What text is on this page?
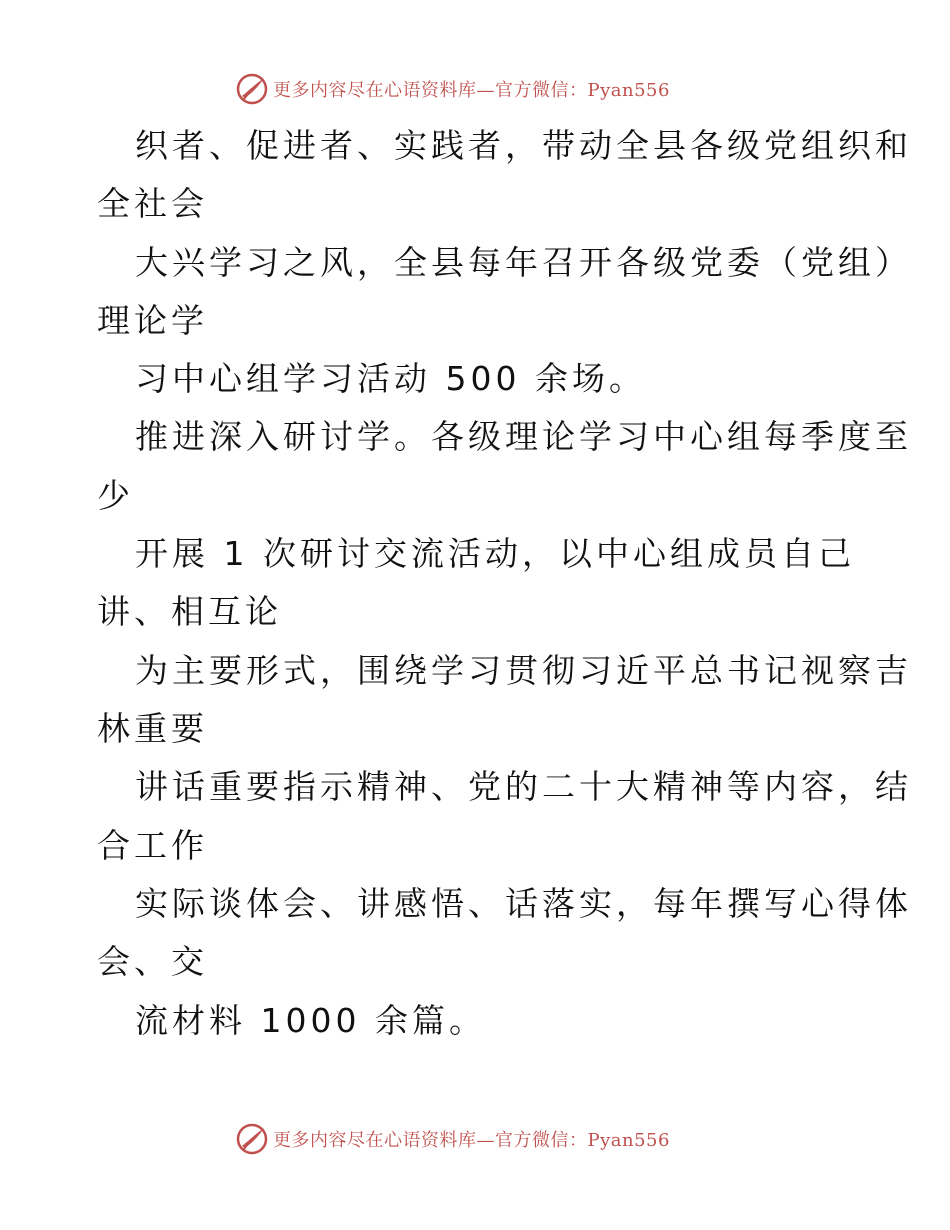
更多内容尽在心语资料库—官方微信：Pyan556
织者、促进者、实践者，带动全县各级党组织和
全社会
大兴学习之风，全县每年召开各级党委（党组）
理论学
习中心组学习活动 500 余场。
推进深入研讨学。各级理论学习中心组每季度至
少
开展 1 次研讨交流活动，以中心组成员自己
讲、相互论
为主要形式，围绕学习贯彻习近平总书记视察吉
林重要
讲话重要指示精神、党的二十大精神等内容，结
合工作
实际谈体会、讲感悟、话落实，每年撰写心得体
会、交
流材料 1000 余篇。
更多内容尽在心语资料库—官方微信：Pyan556
